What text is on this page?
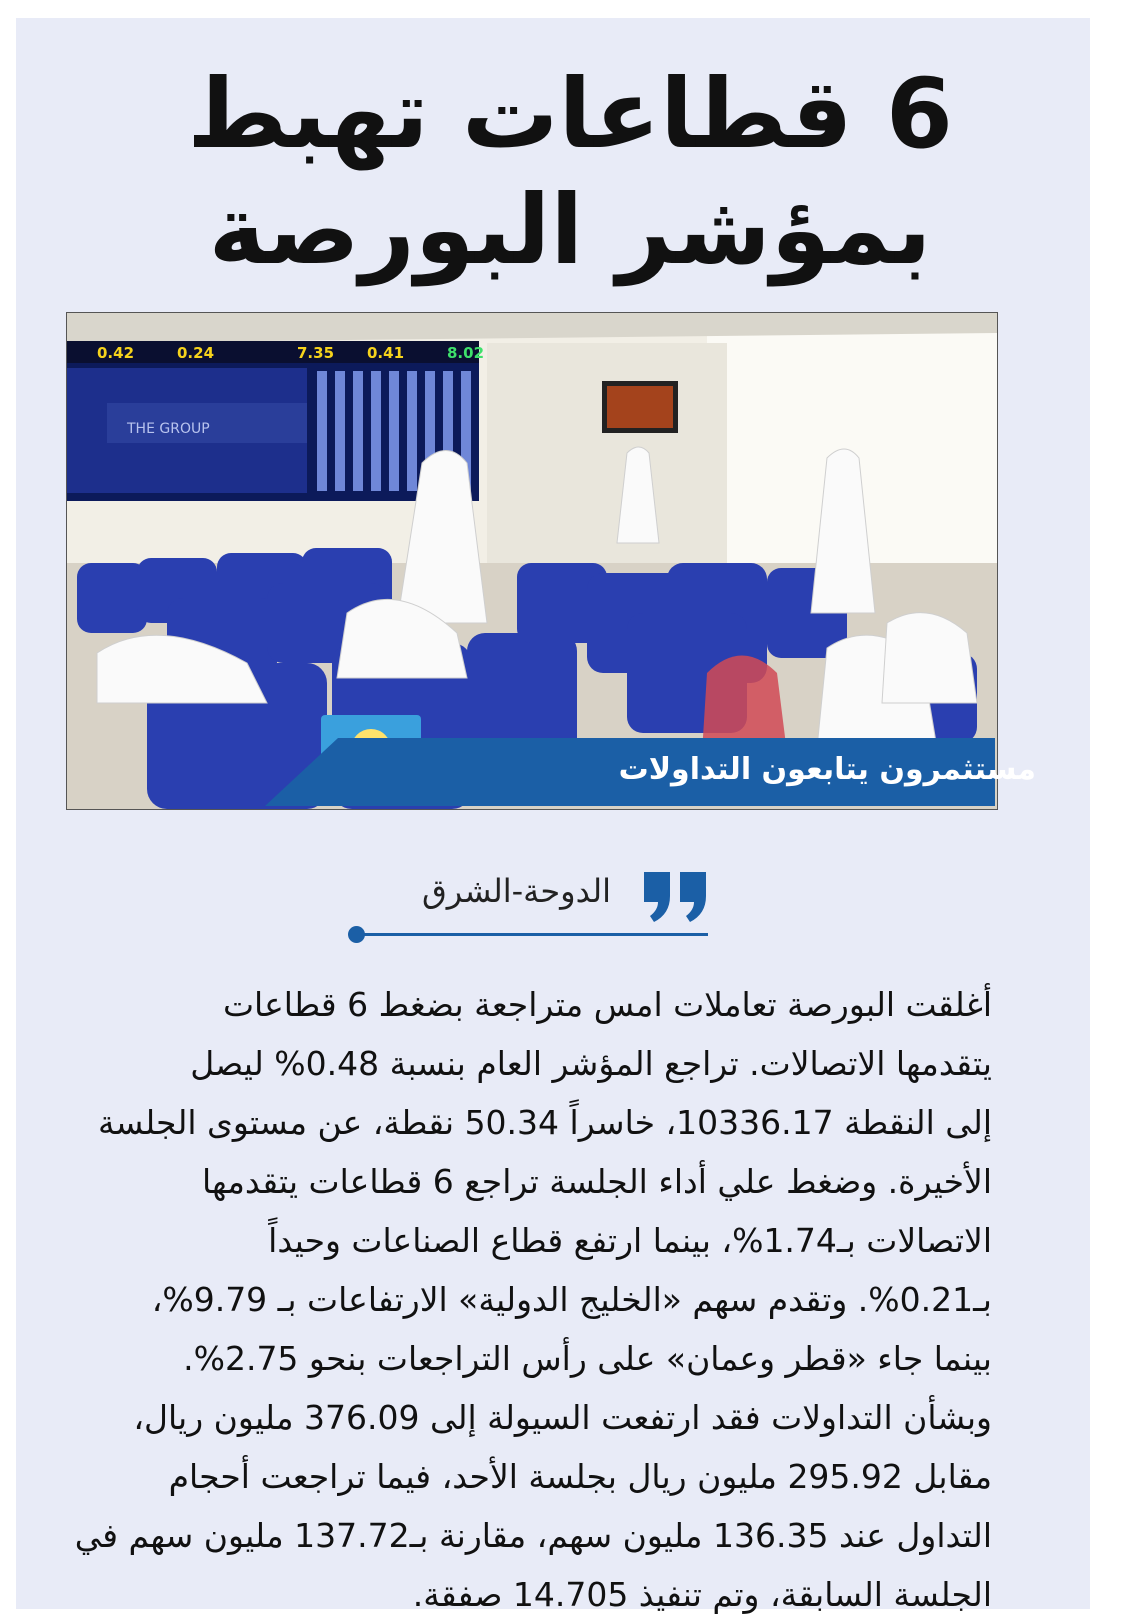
6 قطاعات تهبط
بمؤشر البورصة
0.42	0.24	7.35 0.41	8.02
THE GROUP
مستثمرون يتابعون التداولات
الدوحة-الشرق
أغلقت البورصة تعاملات امس متراجعة بضغط 6 قطاعات
يتقدمها الاتصالات. تراجع المؤشر العام بنسبة 0.48% ليصل
إلى النقطة 10336.17، خاسراً 50.34 نقطة، عن مستوى الجلسة
الأخيرة. وضغط علي أداء الجلسة تراجع 6 قطاعات يتقدمها
الاتصالات بـ1.74%، بينما ارتفع قطاع الصناعات وحيداً
بـ0.21%. وتقدم سهم «الخليج الدولية» الارتفاعات بـ 9.79%،
بينما جاء «قطر وعمان» على رأس التراجعات بنحو 2.75%.
وبشأن التداولات فقد ارتفعت السيولة إلى 376.09 مليون ريال،
مقابل 295.92 مليون ريال بجلسة الأحد، فيما تراجعت أحجام
التداول عند 136.35 مليون سهم، مقارنة بـ137.72 مليون سهم في
الجلسة السابقة، وتم تنفيذ 14.705 صفقة.
